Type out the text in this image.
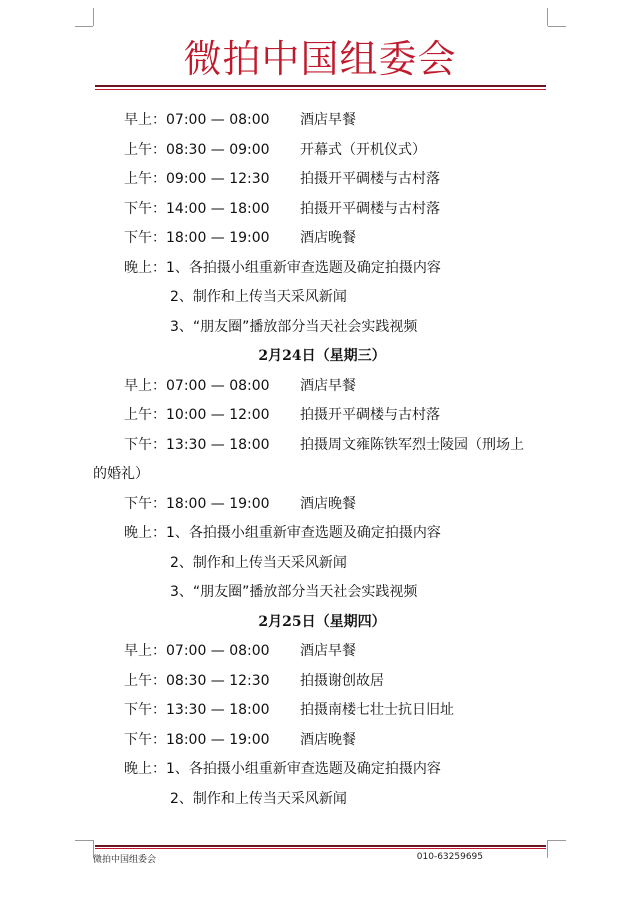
微拍中国组委会
早上：07:00 — 08:00	酒店早餐
上午：08:30 — 09:00	开幕式（开机仪式）
上午：09:00 — 12:30	拍摄开平碉楼与古村落
下午：14:00 — 18:00	拍摄开平碉楼与古村落
下午：18:00 — 19:00	酒店晚餐
晚上：1、各拍摄小组重新审查选题及确定拍摄内容
2、制作和上传当天采风新闻
3、“朋友圈”播放部分当天社会实践视频
2月24日（星期三）
早上：07:00 — 08:00	酒店早餐
上午：10:00 — 12:00	拍摄开平碉楼与古村落
下午：13:30 — 18:00	拍摄周文雍陈铁军烈士陵园（刑场上
的婚礼）
下午：18:00 — 19:00	酒店晚餐
晚上：1、各拍摄小组重新审查选题及确定拍摄内容
2、制作和上传当天采风新闻
3、“朋友圈”播放部分当天社会实践视频
2月25日（星期四）
早上：07:00 — 08:00	酒店早餐
上午：08:30 — 12:30	拍摄谢创故居
下午：13:30 — 18:00	拍摄南楼七壮士抗日旧址
下午：18:00 — 19:00	酒店晚餐
晚上：1、各拍摄小组重新审查选题及确定拍摄内容
2、制作和上传当天采风新闻
微拍中国组委会	010-63259695
